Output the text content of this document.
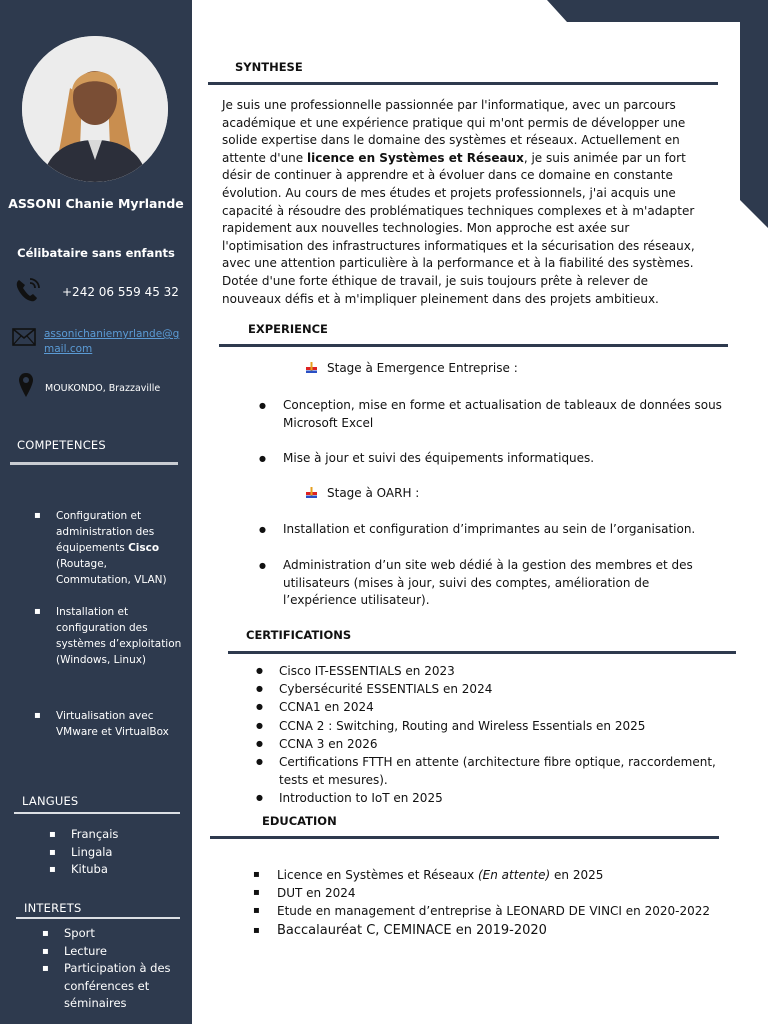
ASSONI Chanie Myrlande
Célibataire sans enfants
+242 06 559 45 32
assonichaniemyrlande@gmail.com
MOUKONDO, Brazzaville
COMPETENCES
▪ Configuration et administration des équipements Cisco (Routage, Commutation, VLAN)
▪ Installation et configuration des systèmes d’exploitation (Windows, Linux)
▪ Virtualisation avec VMware et VirtualBox
LANGUES
▪ Français
▪ Lingala
▪ Kituba
INTERETS
▪ Sport
▪ Lecture
▪ Participation à des conférences et séminaires
SYNTHESE
Je suis une professionnelle passionnée par l'informatique, avec un parcours académique et une expérience pratique qui m'ont permis de développer une solide expertise dans le domaine des systèmes et réseaux. Actuellement en attente d'une licence en Systèmes et Réseaux, je suis animée par un fort désir de continuer à apprendre et à évoluer dans ce domaine en constante évolution. Au cours de mes études et projets professionnels, j'ai acquis une capacité à résoudre des problématiques techniques complexes et à m'adapter rapidement aux nouvelles technologies. Mon approche est axée sur l'optimisation des infrastructures informatiques et la sécurisation des réseaux, avec une attention particulière à la performance et à la fiabilité des systèmes. Dotée d'une forte éthique de travail, je suis toujours prête à relever de nouveaux défis et à m'impliquer pleinement dans des projets ambitieux.
EXPERIENCE
Stage à Emergence Entreprise :
● Conception, mise en forme et actualisation de tableaux de données sous Microsoft Excel
● Mise à jour et suivi des équipements informatiques.
Stage à OARH :
● Installation et configuration d’imprimantes au sein de l’organisation.
● Administration d’un site web dédié à la gestion des membres et des utilisateurs (mises à jour, suivi des comptes, amélioration de l’expérience utilisateur).
CERTIFICATIONS
● Cisco IT-ESSENTIALS en 2023
● Cybersécurité ESSENTIALS en 2024
● CCNA1 en 2024
● CCNA 2 : Switching, Routing and Wireless Essentials en 2025
● CCNA 3 en 2026
● Certifications FTTH en attente (architecture fibre optique, raccordement, tests et mesures).
● Introduction to IoT en 2025
EDUCATION
▪ Licence en Systèmes et Réseaux (En attente) en 2025
▪ DUT en 2024
▪ Etude en management d’entreprise à LEONARD DE VINCI en 2020-2022
▪ Baccalauréat C, CEMINACE en 2019-2020
